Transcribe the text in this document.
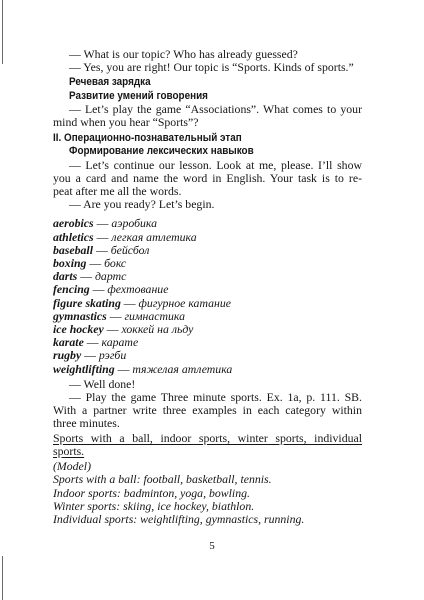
— What is our topic? Who has already guessed?
— Yes, you are right! Our topic is “Sports. Kinds of sports.”
Речевая зарядка
Развитие умений говорения
— Let’s play the game “Associations”. What comes to your
mind when you hear “Sports”?
II. Операционно-познавательный этап
Формирование лексических навыков
— Let’s continue our lesson. Look at me, please. I’ll show
you a card and name the word in English. Your task is to re-
peat after me all the words.
— Are you ready? Let’s begin.
aerobics — аэробика
athletics — легкая атлетика
baseball — бейсбол
boxing — бокс
darts — дартс
fencing — фехтование
figure skating — фигурное катание
gymnastics — гимнастика
ice hockey — хоккей на льду
karate — карате
rugby — рэгби
weightlifting — тяжелая атлетика
— Well done!
— Play the game Three minute sports. Ex. 1a, p. 111. SB.
With a partner write three examples in each category within
three minutes.
Sports with a ball, indoor sports, winter sports, individual
sports.
(Model)
Sports with a ball: football, basketball, tennis.
Indoor sports: badminton, yoga, bowling.
Winter sports: skiing, ice hockey, biathlon.
Individual sports: weightlifting, gymnastics, running.
5
